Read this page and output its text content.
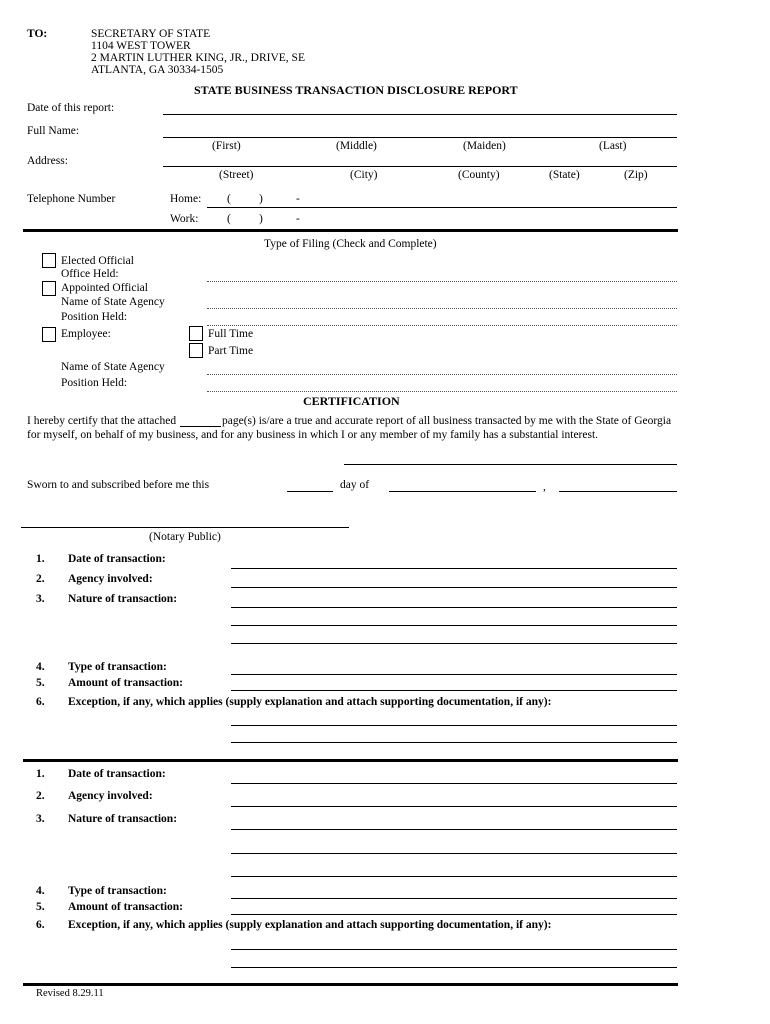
TO:	SECRETARY OF STATE
1104 WEST TOWER
2 MARTIN LUTHER KING, JR., DRIVE, SE
ATLANTA, GA 30334-1505
STATE BUSINESS TRANSACTION DISCLOSURE REPORT
Date of this report:
Full Name:
(First)	(Middle)	(Maiden)	(Last)
Address:
(Street)	(City)	(County)	(State)	(Zip)
Telephone Number	Home: ( )	-
Work: ( )	-
Type of Filing (Check and Complete)
Elected Official
Office Held:
Appointed Official
Name of State Agency
Position Held:
Employee:	Full Time
Part Time
Name of State Agency
Position Held:
CERTIFICATION
I hereby certify that the attached	page(s) is/are a true and accurate report of all business transacted by me with the State of Georgia
for myself, on behalf of my business, and for any business in which I or any member of my family has a substantial interest.
Sworn to and subscribed before me this	day of	,
(Notary Public)
1. Date of transaction:
2. Agency involved:
3. Nature of transaction:
4. Type of transaction:
5. Amount of transaction:
6. Exception, if any, which applies (supply explanation and attach supporting documentation, if any):
1. Date of transaction:
2. Agency involved:
3. Nature of transaction:
4. Type of transaction:
5. Amount of transaction:
6. Exception, if any, which applies (supply explanation and attach supporting documentation, if any):
Revised 8.29.11
